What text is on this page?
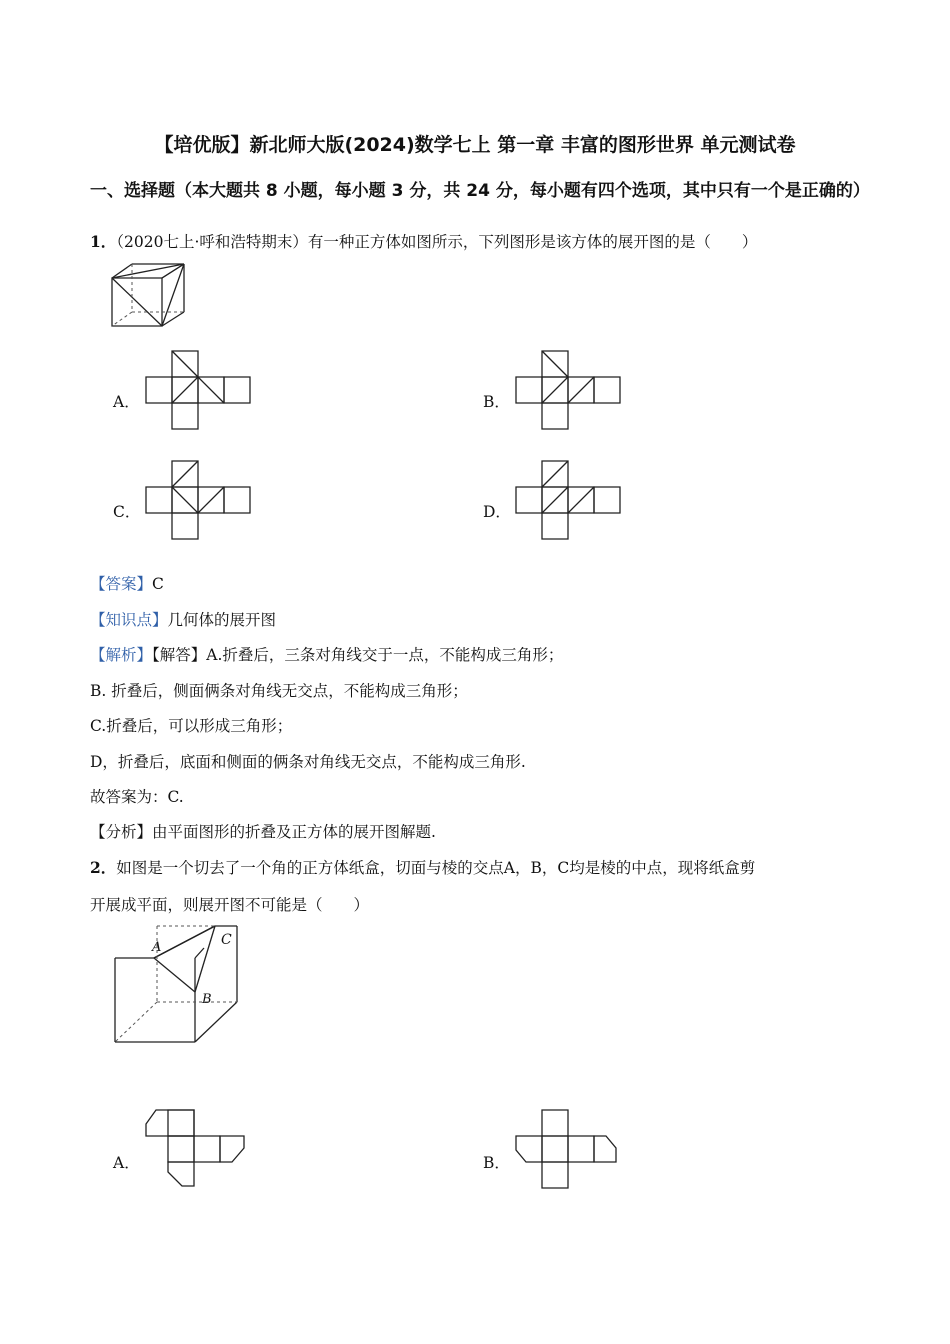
【培优版】新北师大版(2024)数学七上 第一章 丰富的图形世界 单元测试卷
一、选择题（本大题共 8 小题，每小题 3 分，共 24 分，每小题有四个选项，其中只有一个是正确的）
1．（2020七上·呼和浩特期末）有一种正方体如图所示，下列图形是该方体的展开图的是（　　）
A．	B．
C．	D．
【答案】C
【知识点】几何体的展开图
【解析】【解答】A.折叠后，三条对角线交于一点，不能构成三角形；
B. 折叠后，侧面俩条对角线无交点，不能构成三角形；
C.折叠后，可以形成三角形；
D，折叠后，底面和侧面的俩条对角线无交点，不能构成三角形.
故答案为：C.
【分析】由平面图形的折叠及正方体的展开图解题.
2．如图是一个切去了一个角的正方体纸盒，切面与棱的交点A，B，C均是棱的中点，现将纸盒剪
开展成平面，则展开图不可能是（　　）
A	C
B
A．	B．
